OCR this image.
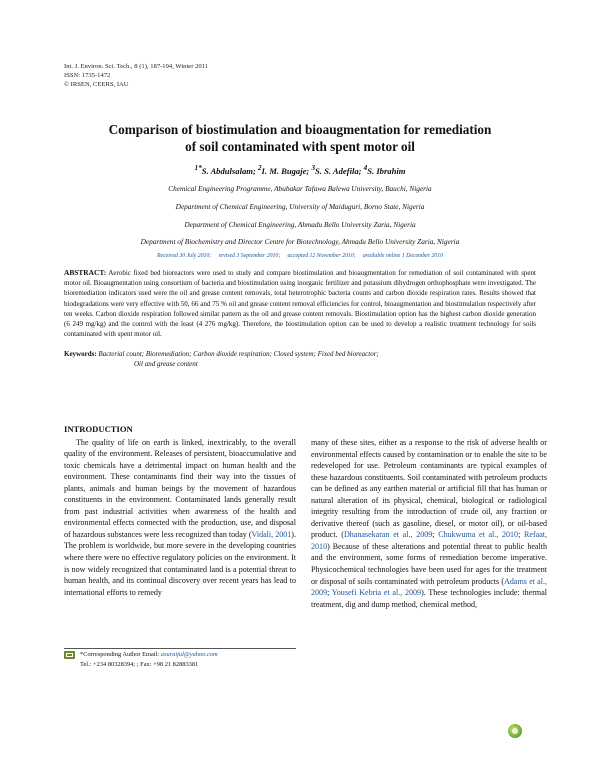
Int. J. Environ. Sci. Tech., 8 (1), 187-194, Winter 2011
ISSN: 1735-1472
© IRSEN, CEERS, IAU
Comparison of biostimulation and bioaugmentation for remediation
of soil contaminated with spent motor oil
$^{1*}$S. Abdulsalam; $^2$I. M. Bugaje; $^3$S. S. Adefila; $^4$S. Ibrahim
Chemical Engineering Programme, Abubakar Tafawa Balewa University, Bauchi, Nigeria
Department of Chemical Engineering, University of Maiduguri, Borno State, Nigeria
Department of Chemical Engineering, Ahmadu Bello University Zaria, Nigeria
Department of Biochemistry and Director Centre for Biotechnology, Ahmadu Bello University Zaria, Nigeria
Received 30 July 2010;     revised 3 September 2010;     accepted 12 November 2010;     available online 1 December 2010
ABSTRACT: Aerobic fixed bed bioreactors were used to study and compare biostimulation and bioaugmentation for remediation of soil contaminated with spent motor oil. Bioaugmentation using consortium of bacteria and biostimulation using inorganic fertilizer and potassium dihydrogen orthophosphate were investigated. The bioremediation indicators used were the oil and grease content removals, total heterotrophic bacteria counts and carbon dioxide respiration rates. Results showed that biodegradations were very effective with 50, 66 and 75 % oil and grease content removal efficiencies for control, bioaugmentation and biostimulation respectively after ten weeks. Carbon dioxide respiration followed similar pattern as the oil and grease content removals. Biostimulation option has the highest carbon dioxide generation (6 249 mg/kg) and the control with the least (4 276 mg/kg). Therefore, the biostimulation option can be used to develop a realistic treatment technology for soils contaminated with spent motor oil.
Keywords: Bacterial count; Bioremediation; Carbon dioxide respiration; Closed system; Fixed bed bioreactor;
Oil and grease content
INTRODUCTION
The quality of life on earth is linked, inextricably, to the overall quality of the environment. Releases of persistent, bioaccumulative and toxic chemicals have a detrimental impact on human health and the environment. These contaminants find their way into the tissues of plants, animals and human beings by the movement of hazardous constituents in the environment. Contaminated lands generally result from past industrial activities when awareness of the health and environmental effects connected with the production, use, and disposal of hazardous substances were less recognized than today (Vidali, 2001). The problem is worldwide, but more severe in the developing countries where there were no effective regulatory policies on the environment. It is now widely recognized that contaminated land is a potential threat to human health, and its continual discovery over recent years has lead to international efforts to remedy
many of these sites, either as a response to the risk of adverse health or environmental effects caused by contamination or to enable the site to be redeveloped for use. Petroleum contaminants are typical examples of these hazardous constituents. Soil contaminated with petroleum products can be defined as any earthen material or artificial fill that has human or natural alteration of its physical, chemical, biological or radiological integrity resulting from the introduction of crude oil, any fraction or derivative thereof (such as gasoline, diesel, or motor oil), or oil-based product. (Dhanasekaran et al., 2009; Chukwuma et al., 2010; Refaat, 2010) Because of these alterations and potential threat to public health and the environment, some forms of remediation become imperative. Physicochemical technologies have been used for ages for the treatment or disposal of soils contaminated with petroleum products (Adams et al., 2009; Yousefi Kebria et al., 2009). These technologies include: thermal treatment, dig and dump method, chemical method,
*Corresponding Author Email: asuraijul@yahoo.com
Tel.: +234 80328394; ; Fax: +98 21 82883381
